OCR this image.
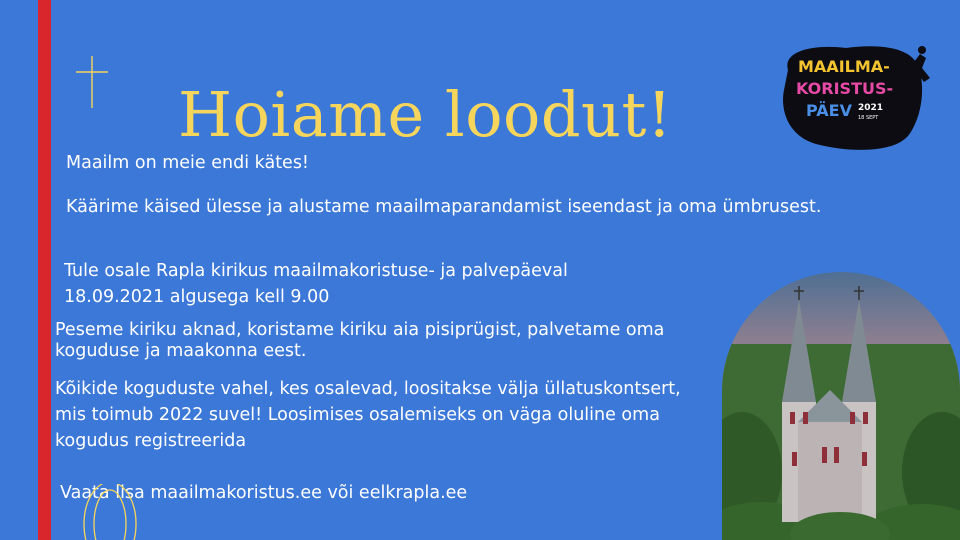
Hoiame loodut!
MAAILMA-
KORISTUS-
PÄEV 2021
18 SEPT

Maailm on meie endi kätes!

Käärime käised ülesse ja alustame maailmaparandamist iseendast ja oma ümbrusest.

Tule osale Rapla kirikus maailmakoristuse- ja palvepäeval
18.09.2021 algusega kell 9.00

Peseme kiriku aknad, koristame kiriku aia pisiprügist, palvetame oma koguduse ja maakonna eest.

Kõikide koguduste vahel, kes osalevad, loositakse välja üllatuskontsert, mis toimub 2022 suvel! Loosimises osalemiseks on väga oluline oma kogudus registreerida

Vaata lisa maailmakoristus.ee või eelkrapla.ee
